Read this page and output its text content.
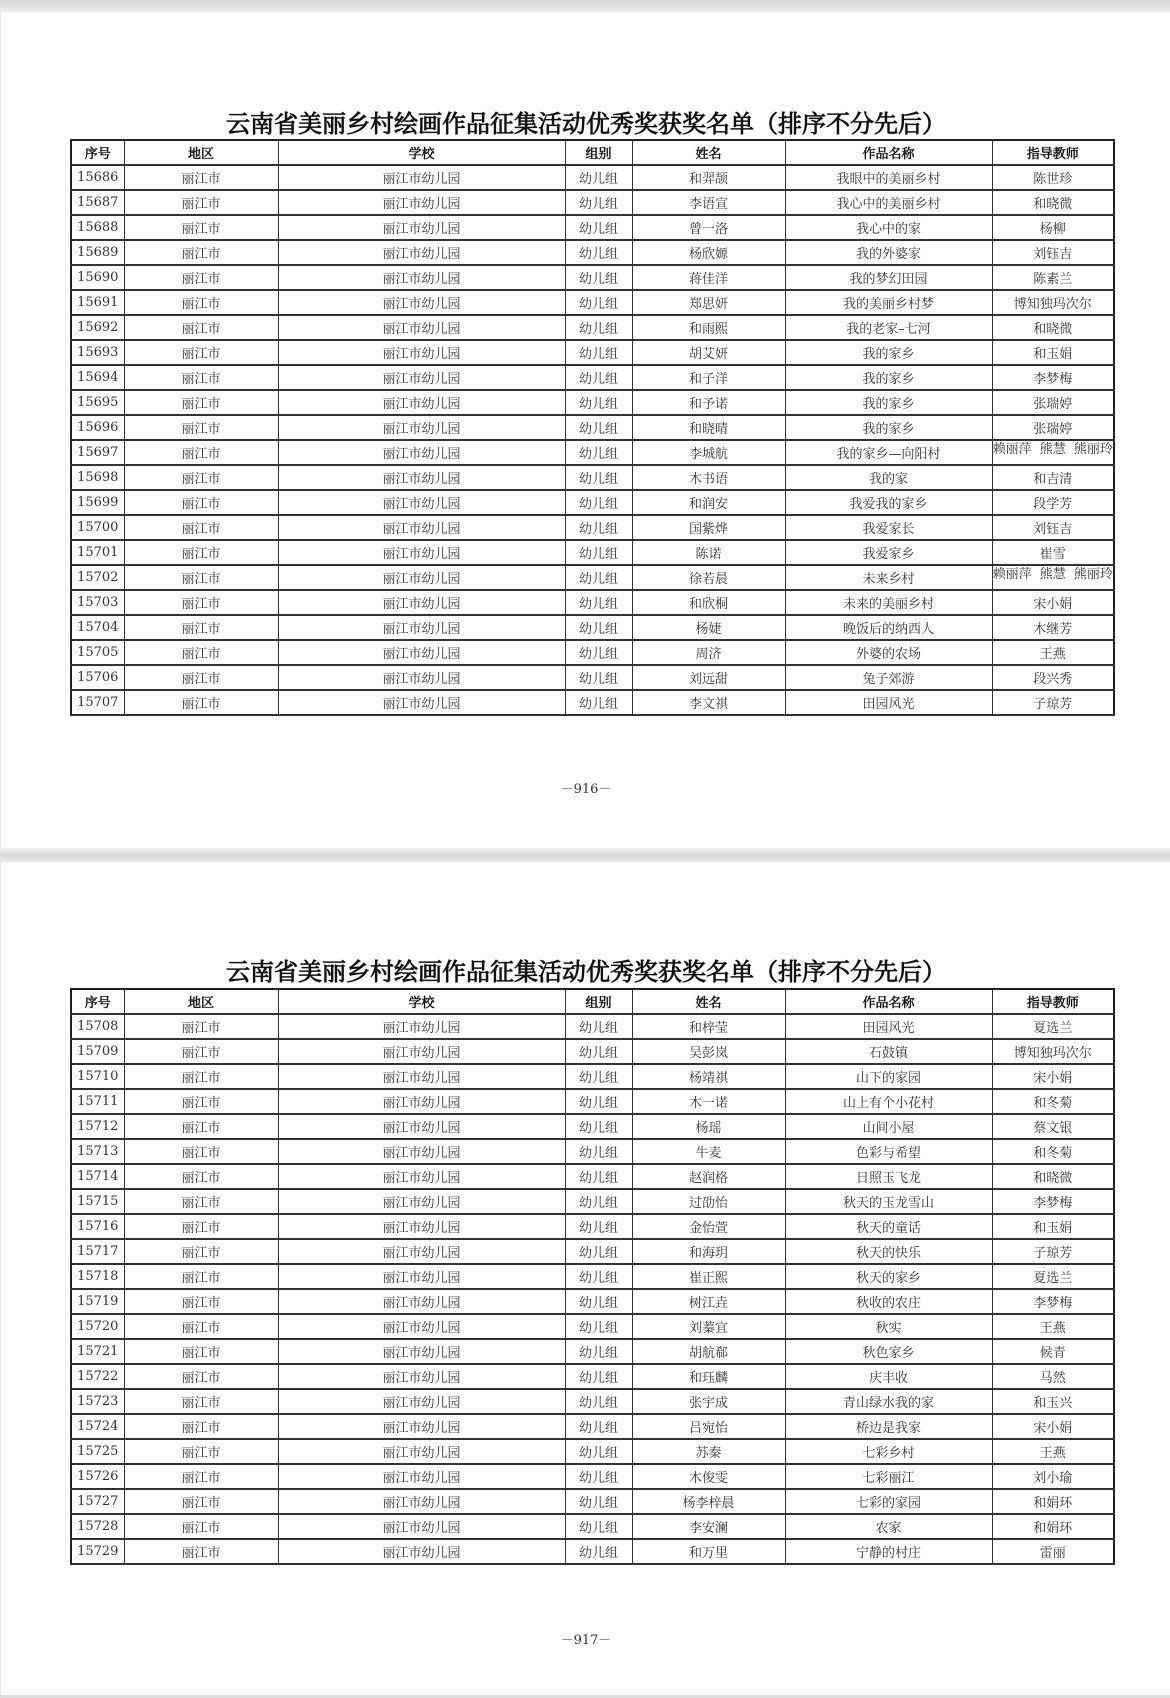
云南省美丽乡村绘画作品征集活动优秀奖获奖名单（排序不分先后）
序号	地区	学校	组别	姓名	作品名称	指导教师
15686	丽江市	丽江市幼儿园	幼儿组	和羿颉	我眼中的美丽乡村	陈世珍
15687	丽江市	丽江市幼儿园	幼儿组	李语宣	我心中的美丽乡村	和晓微
15688	丽江市	丽江市幼儿园	幼儿组	曾一洛	我心中的家	杨柳
15689	丽江市	丽江市幼儿园	幼儿组	杨欣嫄	我的外婆家	刘钰吉
15690	丽江市	丽江市幼儿园	幼儿组	蒋佳洋	我的梦幻田园	陈素兰
15691	丽江市	丽江市幼儿园	幼儿组	郑思妍	我的美丽乡村梦	博知独玛次尔
15692	丽江市	丽江市幼儿园	幼儿组	和雨熙	我的老家–七河	和晓微
15693	丽江市	丽江市幼儿园	幼儿组	胡艾妍	我的家乡	和玉娟
15694	丽江市	丽江市幼儿园	幼儿组	和子洋	我的家乡	李梦梅
15695	丽江市	丽江市幼儿园	幼儿组	和予诺	我的家乡	张瑞婷
15696	丽江市	丽江市幼儿园	幼儿组	和晓晴	我的家乡	张瑞婷
15697	丽江市	丽江市幼儿园	幼儿组	李城航	我的家乡—向阳村	赖丽萍 熊慧 熊丽玲

15698	丽江市	丽江市幼儿园	幼儿组	木书语	我的家	和吉清
15699	丽江市	丽江市幼儿园	幼儿组	和润安	我爱我的家乡	段学芳
15700	丽江市	丽江市幼儿园	幼儿组	国紫烨	我爱家长	刘钰吉
15701	丽江市	丽江市幼儿园	幼儿组	陈诺	我爱家乡	崔雪
15702	丽江市	丽江市幼儿园	幼儿组	徐若晨	未来乡村	赖丽萍 熊慧 熊丽玲

15703	丽江市	丽江市幼儿园	幼儿组	和欣桐	未来的美丽乡村	宋小娟
15704	丽江市	丽江市幼儿园	幼儿组	杨婕	晚饭后的纳西人	木继芳
15705	丽江市	丽江市幼儿园	幼儿组	周济	外婆的农场	王燕
15706	丽江市	丽江市幼儿园	幼儿组	刘远甜	兔子郊游	段兴秀
15707	丽江市	丽江市幼儿园	幼儿组	李文祺	田园风光	子琼芳
－916－
云南省美丽乡村绘画作品征集活动优秀奖获奖名单（排序不分先后）
序号	地区	学校	组别	姓名	作品名称	指导教师
15708	丽江市	丽江市幼儿园	幼儿组	和梓莹	田园风光	夏选兰
15709	丽江市	丽江市幼儿园	幼儿组	吴彭岚	石鼓镇	博知独玛次尔
15710	丽江市	丽江市幼儿园	幼儿组	杨靖祺	山下的家园	宋小娟
15711	丽江市	丽江市幼儿园	幼儿组	木一诺	山上有个小花村	和冬菊
15712	丽江市	丽江市幼儿园	幼儿组	杨瑶	山间小屋	蔡文银
15713	丽江市	丽江市幼儿园	幼儿组	牛麦	色彩与希望	和冬菊
15714	丽江市	丽江市幼儿园	幼儿组	赵润格	日照玉飞龙	和晓微
15715	丽江市	丽江市幼儿园	幼儿组	过劭怡	秋天的玉龙雪山	李梦梅
15716	丽江市	丽江市幼儿园	幼儿组	金怡萱	秋天的童话	和玉娟
15717	丽江市	丽江市幼儿园	幼儿组	和海玥	秋天的快乐	子琼芳
15718	丽江市	丽江市幼儿园	幼儿组	崔正熙	秋天的家乡	夏选兰
15719	丽江市	丽江市幼儿园	幼儿组	树江垚	秋收的农庄	李梦梅
15720	丽江市	丽江市幼儿园	幼儿组	刘蓁宜	秋实	王燕
15721	丽江市	丽江市幼儿园	幼儿组	胡航郗	秋色家乡	候青
15722	丽江市	丽江市幼儿园	幼儿组	和珏麟	庆丰收	马然
15723	丽江市	丽江市幼儿园	幼儿组	张宇成	青山绿水我的家	和玉兴
15724	丽江市	丽江市幼儿园	幼儿组	吕宛怡	桥边是我家	宋小娟
15725	丽江市	丽江市幼儿园	幼儿组	苏秦	七彩乡村	王燕
15726	丽江市	丽江市幼儿园	幼儿组	木俊雯	七彩丽江	刘小瑜
15727	丽江市	丽江市幼儿园	幼儿组	杨李梓晨	七彩的家园	和娟环
15728	丽江市	丽江市幼儿园	幼儿组	李安澜	农家	和娟环
15729	丽江市	丽江市幼儿园	幼儿组	和万里	宁静的村庄	雷丽
－917－
